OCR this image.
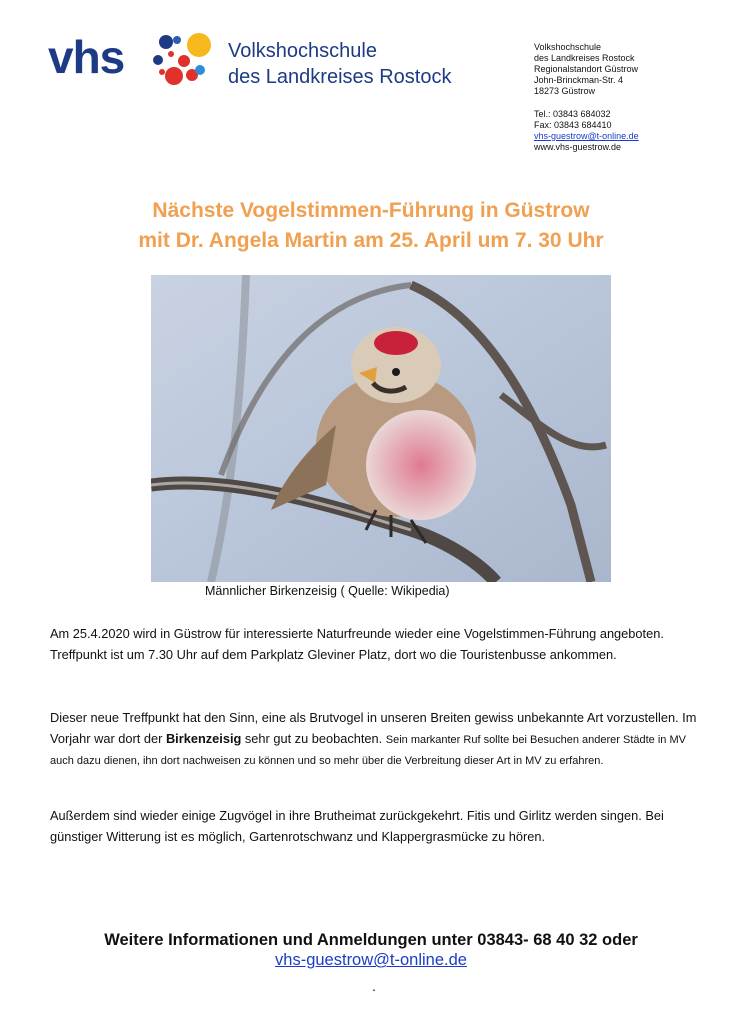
vhs	Volkshochschule
des Landkreises Rostock
Volkshochschule
des Landkreises Rostock
Regionalstandort Güstrow
John-Brinckman-Str. 4
18273 Güstrow
Tel.: 03843 684032
Fax: 03843 684410
vhs-guestrow@t-online.de
www.vhs-guestrow.de
Nächste Vogelstimmen-Führung in Güstrow
mit Dr. Angela Martin am 25. April um 7. 30 Uhr
Männlicher Birkenzeisig ( Quelle: Wikipedia)
Am 25.4.2020 wird in Güstrow für interessierte Naturfreunde wieder eine Vogelstimmen-Führung angeboten. Treffpunkt ist um 7.30 Uhr auf dem Parkplatz Gleviner Platz, dort wo die Touristenbusse ankommen.
Dieser neue Treffpunkt hat den Sinn, eine als Brutvogel in unseren Breiten gewiss unbekannte Art vorzustellen. Im Vorjahr war dort der Birkenzeisig sehr gut zu beobachten. Sein markanter Ruf sollte bei Besuchen anderer Städte in MV auch dazu dienen, ihn dort nachweisen zu können und so mehr über die Verbreitung dieser Art in MV zu erfahren.
Außerdem sind wieder einige Zugvögel in ihre Brutheimat zurückgekehrt. Fitis und Girlitz werden singen. Bei günstiger Witterung ist es möglich, Gartenrotschwanz und Klappergrasmücke zu hören.
Weitere Informationen und Anmeldungen unter 03843- 68 40 32 oder
vhs-guestrow@t-online.de
.
